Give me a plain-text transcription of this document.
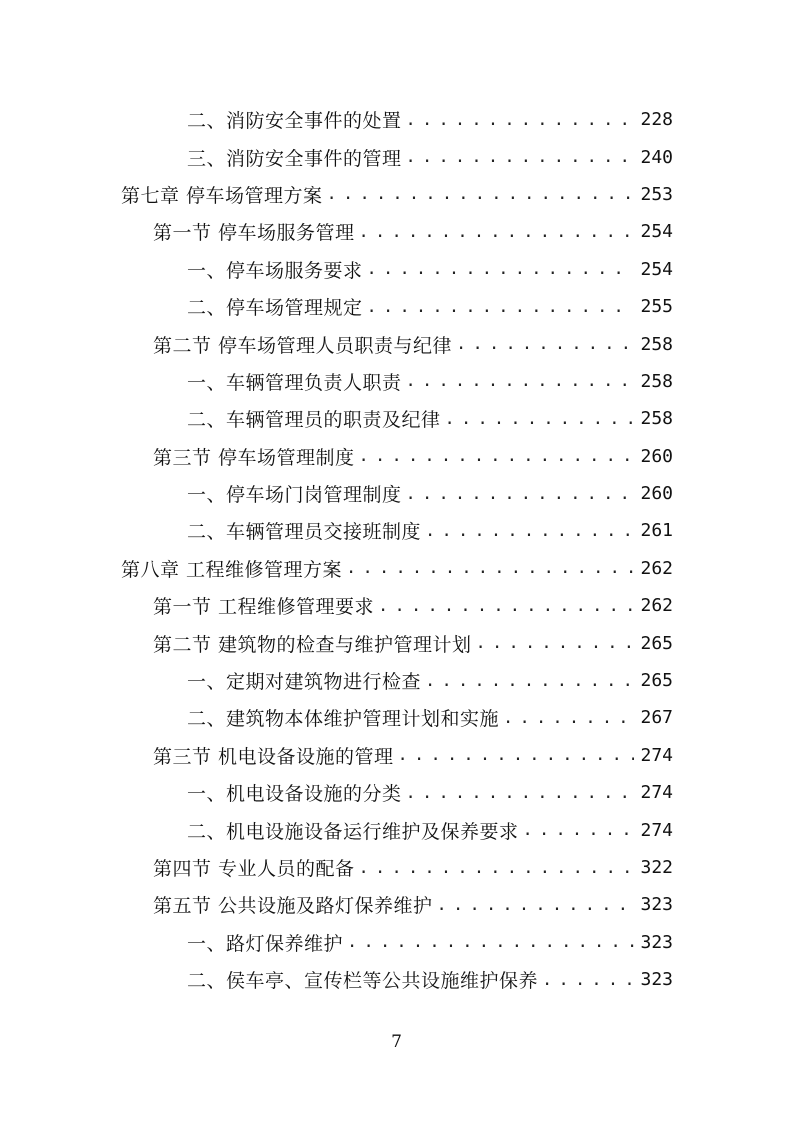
二、消防安全事件的处置 . . .	228
三、消防安全事件的管理 . . .	240
第七章 停车场管理方案 . . .	253
第一节 停车场服务管理 . . .	254
一、停车场服务要求 . . .	254
二、停车场管理规定 . . .	255
第二节 停车场管理人员职责与纪律 . . .	258
一、车辆管理负责人职责 . . .	258
二、车辆管理员的职责及纪律 . . .	258
第三节 停车场管理制度 . . .	260
一、停车场门岗管理制度 . . .	260
二、车辆管理员交接班制度 . . .	261
第八章 工程维修管理方案 . . .	262
第一节 工程维修管理要求 . . .	262
第二节 建筑物的检查与维护管理计划 . . .	265
一、定期对建筑物进行检查 . . .	265
二、建筑物本体维护管理计划和实施 . . .	267
第三节 机电设备设施的管理 . . .	274
一、机电设备设施的分类 . . .	274
二、机电设施设备运行维护及保养要求 . . .	274
第四节 专业人员的配备 . . .	322
第五节 公共设施及路灯保养维护 . . .	323
一、路灯保养维护 . . .	323
二、侯车亭、宣传栏等公共设施维护保养 . . .	323
7
